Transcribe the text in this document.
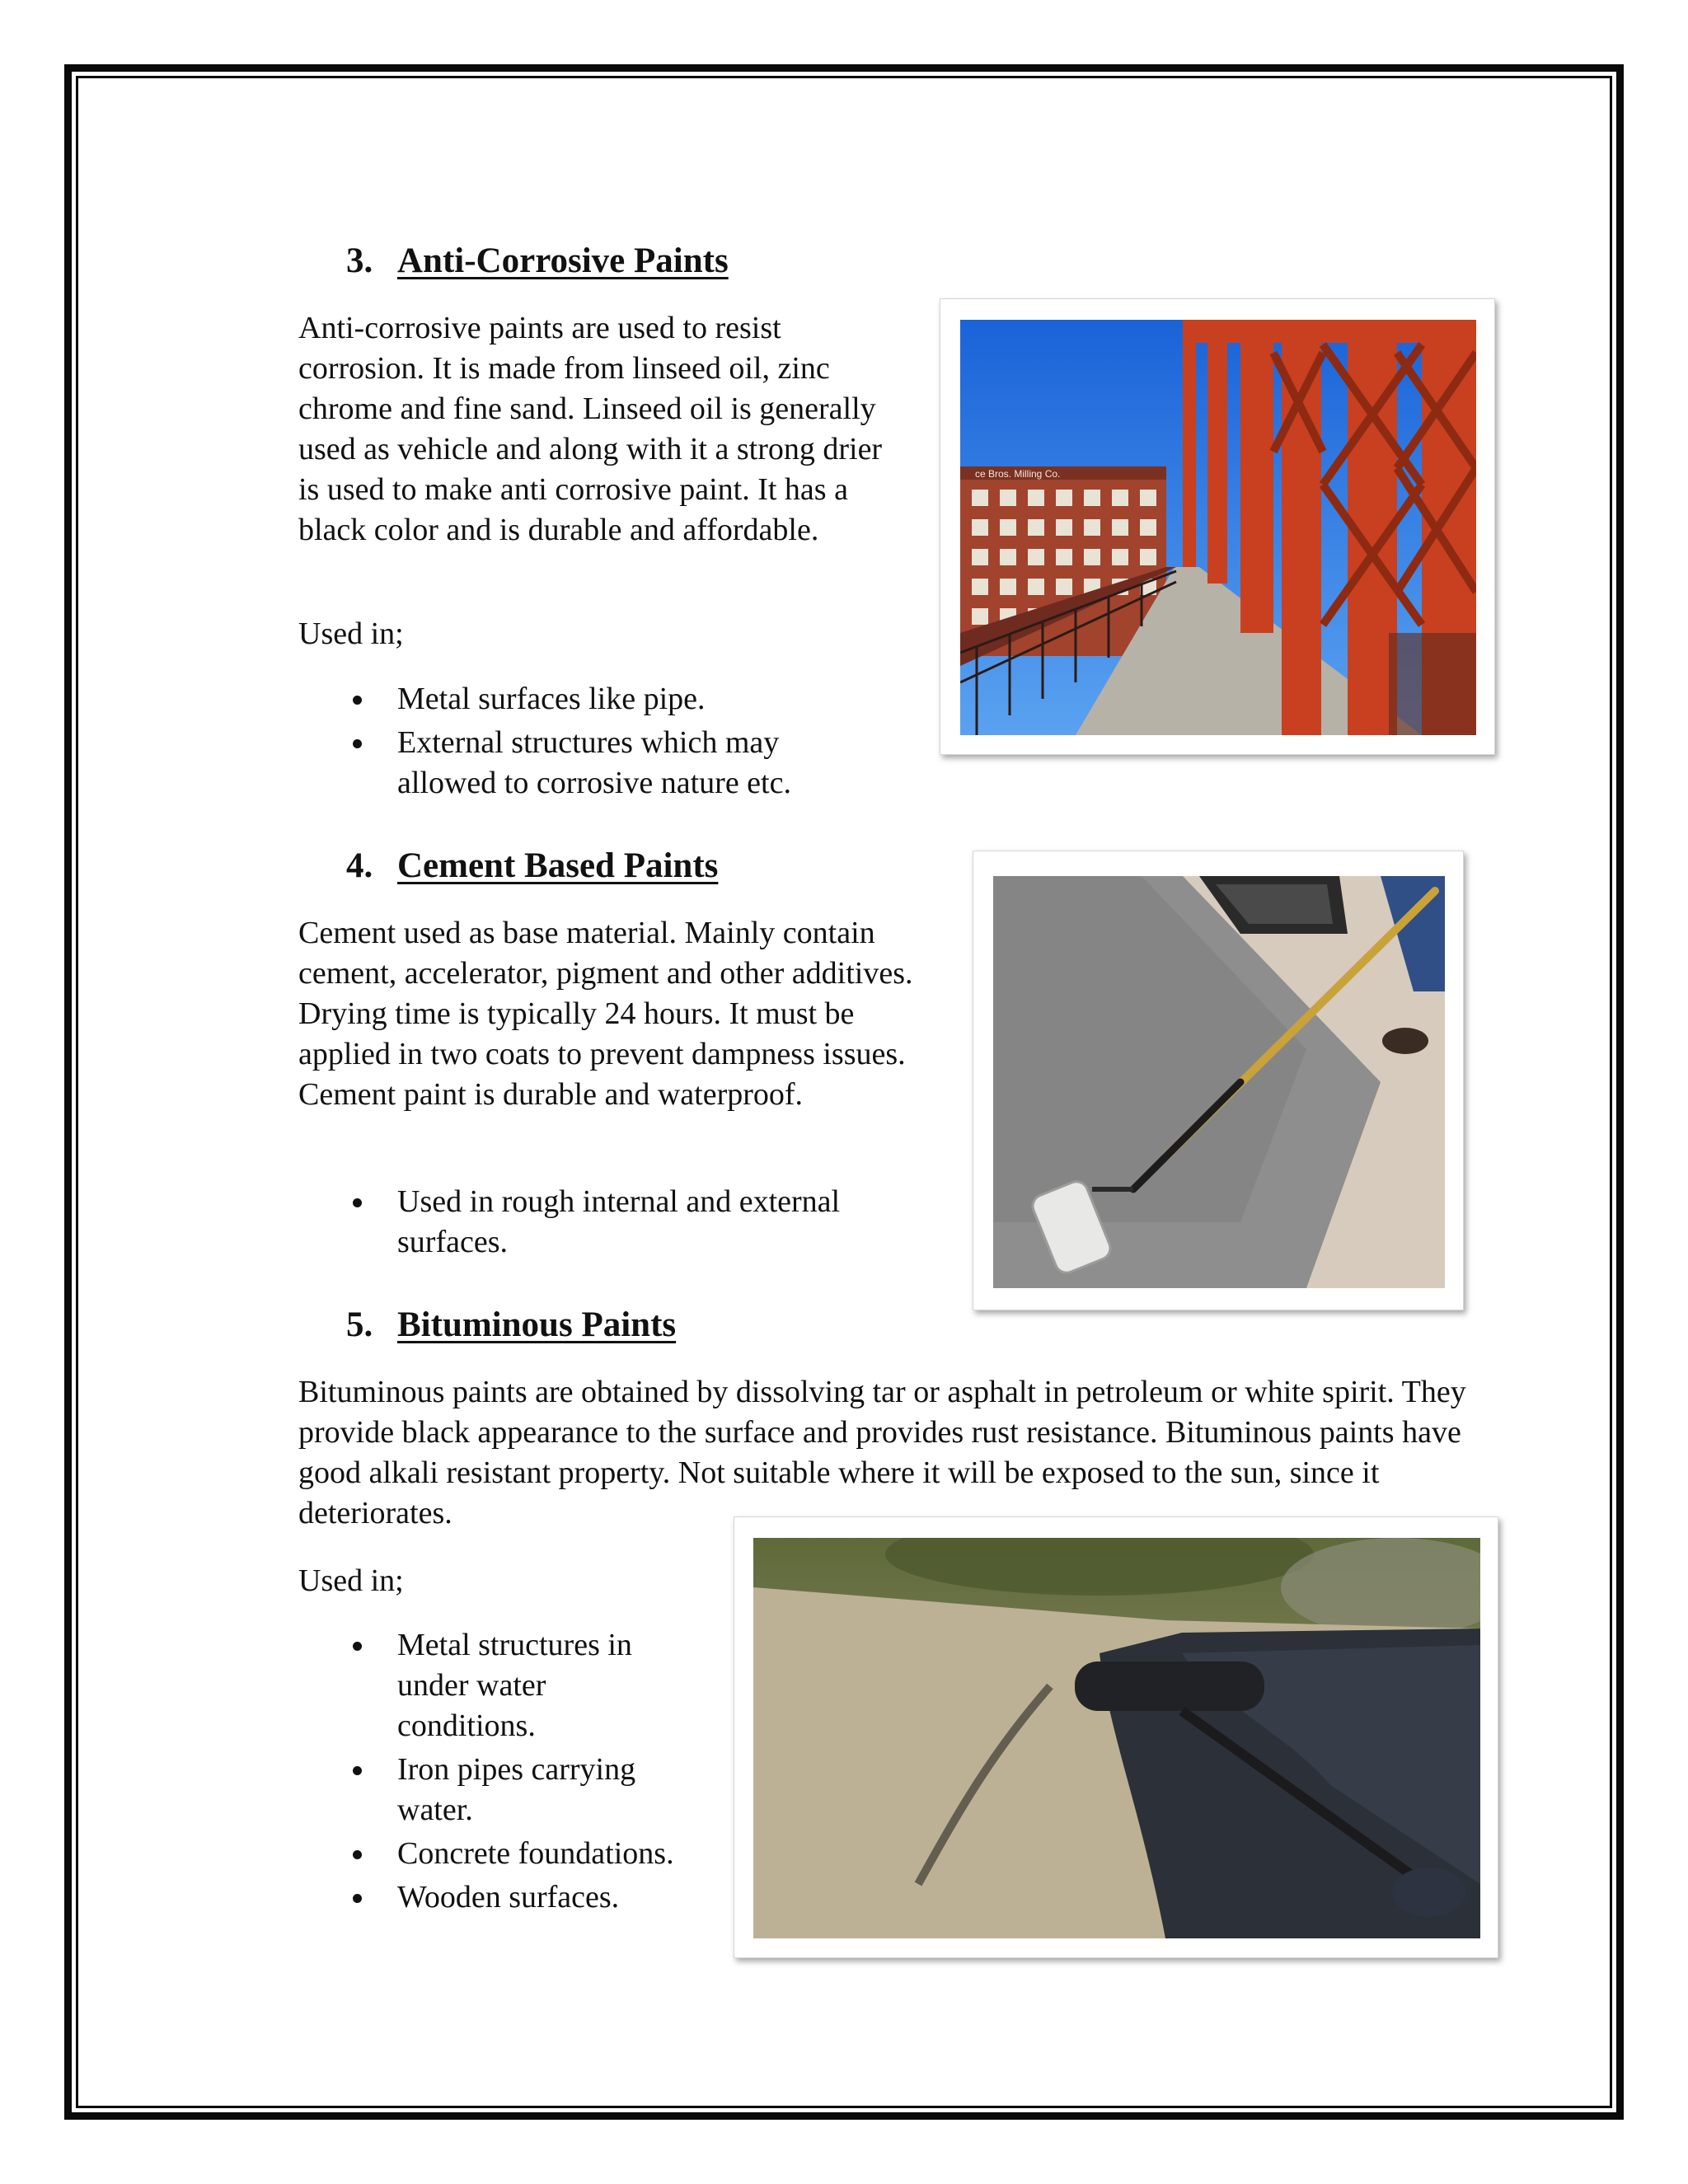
3. Anti-Corrosive Paints

Anti-corrosive paints are used to resist corrosion. It is made from linseed oil, zinc chrome and fine sand. Linseed oil is generally used as vehicle and along with it a strong drier is used to make anti corrosive paint. It has a black color and is durable and affordable.

Used in;

Metal surfaces like pipe.
External structures which may allowed to corrosive nature etc.
ce Bros. Milling Co.
4. Cement Based Paints

Cement used as base material. Mainly contain cement, accelerator, pigment and other additives. Drying time is typically 24 hours. It must be applied in two coats to prevent dampness issues. Cement paint is durable and waterproof.

Used in rough internal and external surfaces.
5. Bituminous Paints

Bituminous paints are obtained by dissolving tar or asphalt in petroleum or white spirit. They provide black appearance to the surface and provides rust resistance. Bituminous paints have good alkali resistant property. Not suitable where it will be exposed to the sun, since it deteriorates.

Used in;

Metal structures in under water conditions.
Iron pipes carrying water.
Concrete foundations.
Wooden surfaces.
